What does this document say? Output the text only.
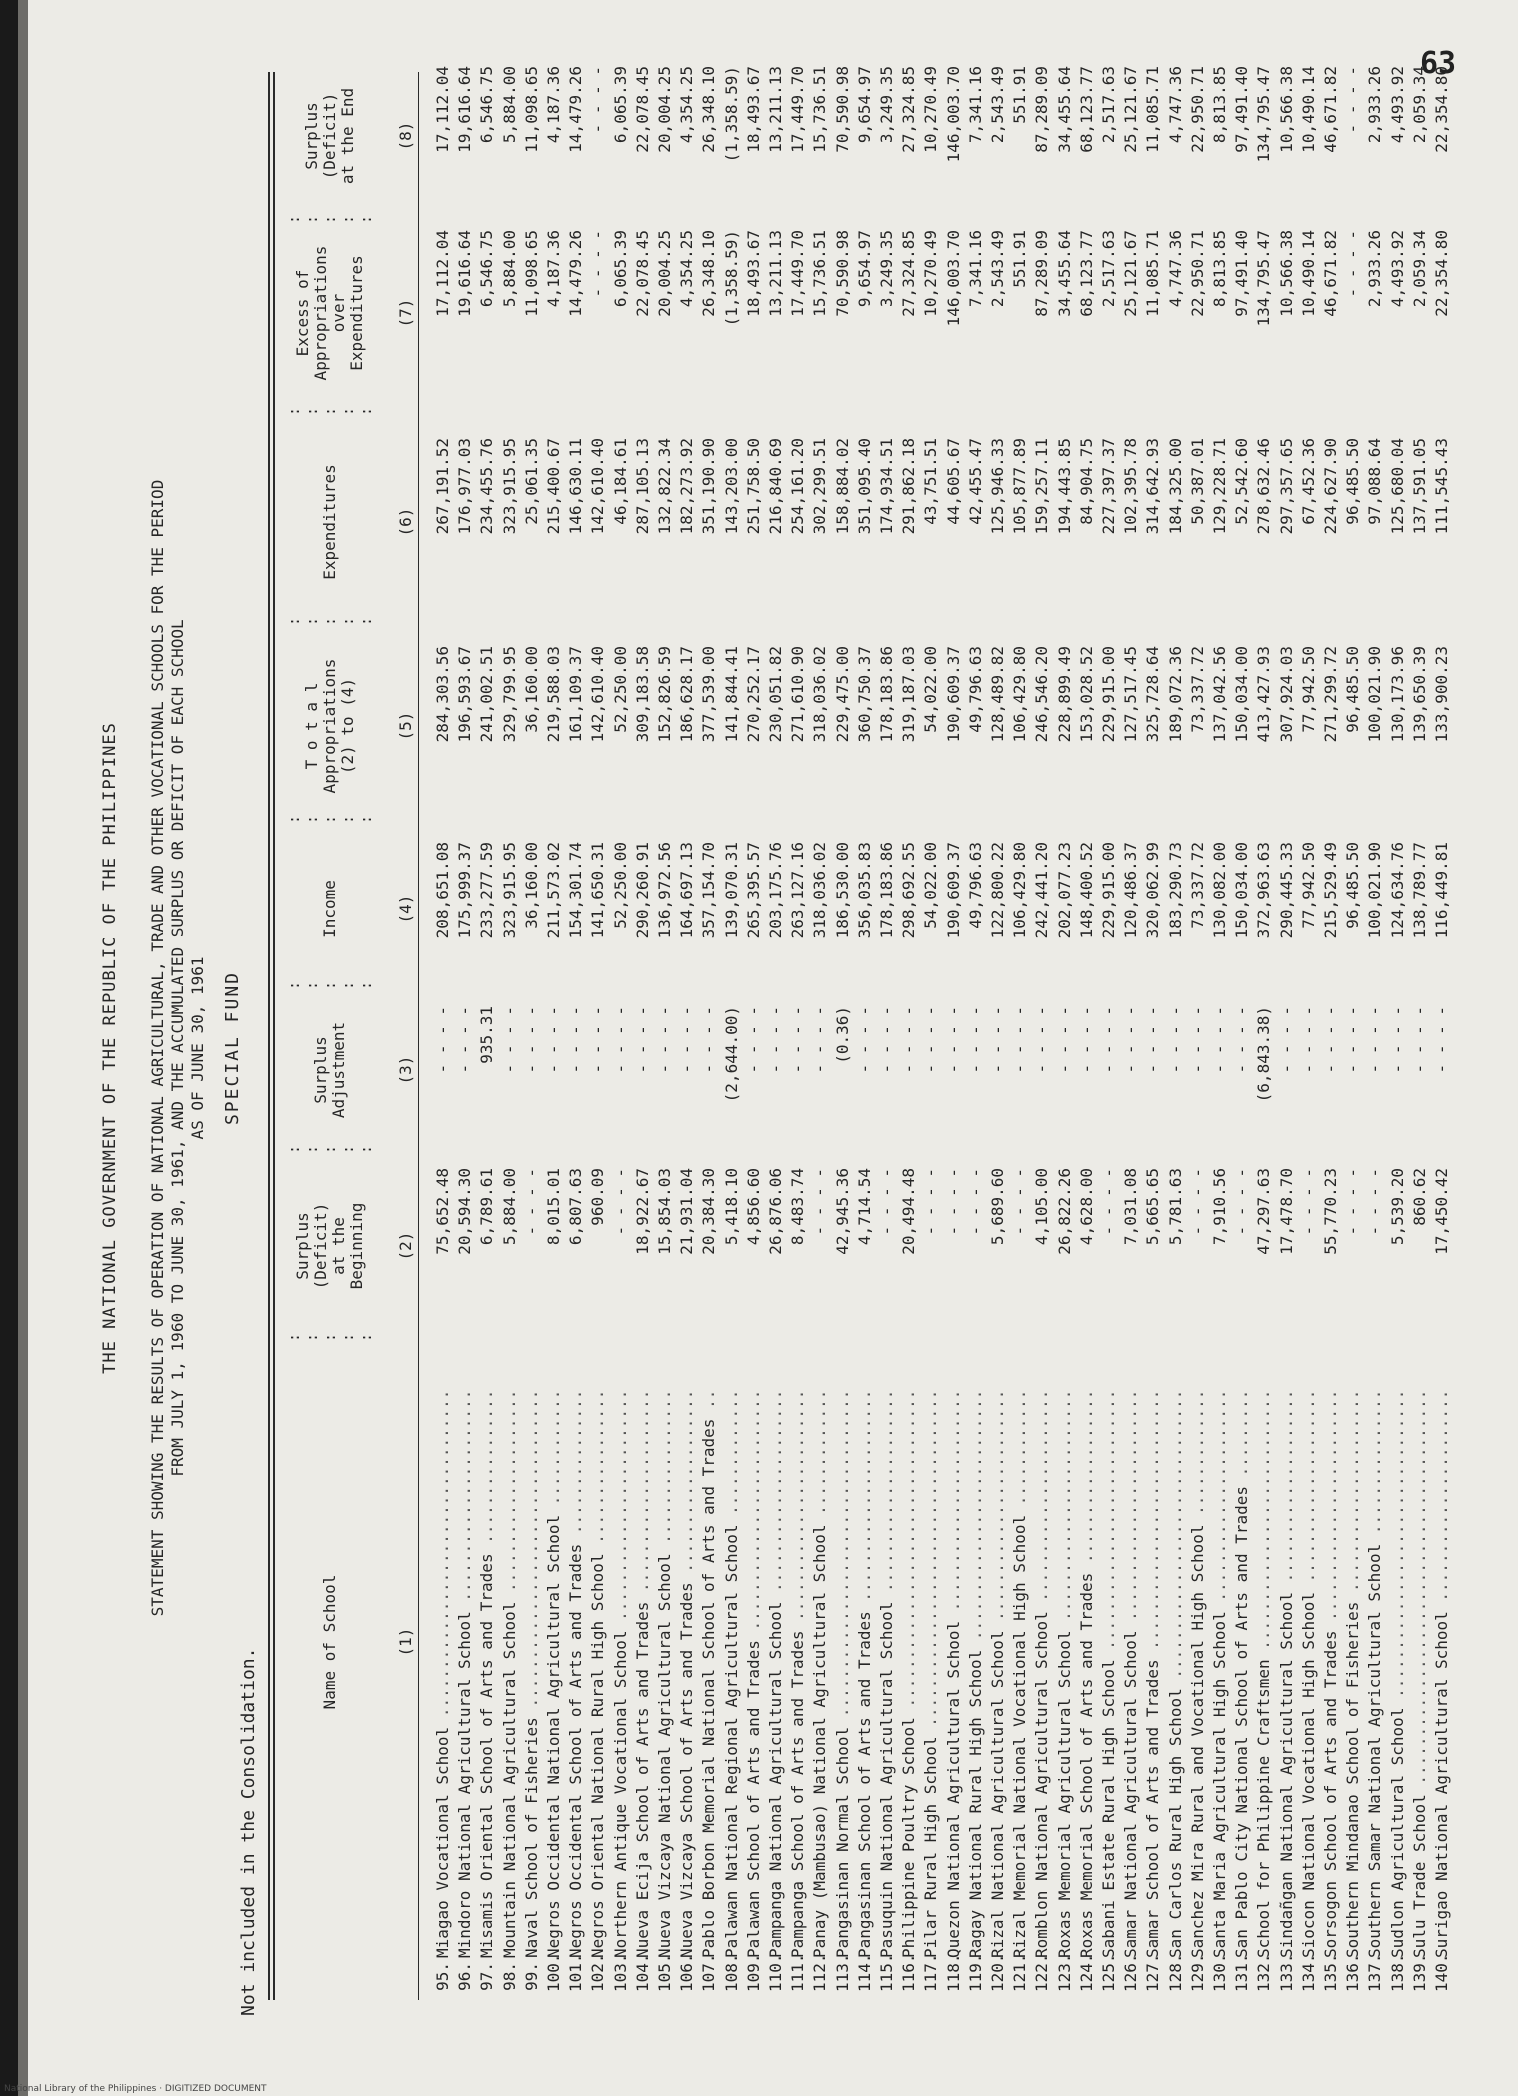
63
National Library of the Philippines · DIGITIZED DOCUMENT
THE NATIONAL GOVERNMENT OF THE REPUBLIC OF THE PHILIPPINES STATEMENT SHOWING THE RESULTS OF OPERATION OF NATIONAL AGRICULTURAL, TRADE AND OTHER VOCATIONAL SCHOOLS FOR THE PERIOD FROM JULY 1, 1960 TO JUNE 30, 1961, AND THE ACCUMULATED SURPLUS OR DEFICIT OF EACH SCHOOL AS OF JUNE 30, 1961 SPECIAL FUND
Not included in the Consolidation.
Name of School	(1)
Surplus (Deficit) at the Beginning (2)
Surplus Adjustment	(3)
Income	(4)
T o t a l Appropriations (2) to (4) (5)
Expenditures	(6)
Excess of Appropriations over Expenditures (7)
Surplus (Deficit) at the End (8)
: : : : :
: : : : :
: : : : :
: : : : :
: : : : :
: : : : :
: : : : :
95.
Miagao Vocational School ..................................
75,652.48
- - - -
208,651.08
284,303.56
267,191.52
17,112.04
17,112.04
96.
Mindoro National Agricultural School ......................
20,594.30
- - - -
175,999.37
196,593.67
176,977.03
19,616.64
19,616.64
97.
Misamis Oriental School of Arts and Trades ................
6,789.61
935.31
233,277.59
241,002.51
234,455.76
6,546.75
6,546.75
98.
Mountain National Agricultural School .....................
5,884.00
- - - -
323,915.95
329,799.95
323,915.95
5,884.00
5,884.00
99.
Naval School of Fisheries .................................
- - - -
- - - -
36,160.00
36,160.00
25,061.35
11,098.65
11,098.65
100.
Negros Occidental National Agricultural School ............
8,015.01
- - - -
211,573.02
219,588.03
215,400.67
4,187.36
4,187.36
101.
Negros Occidental School of Arts and Trades ...............
6,807.63
- - - -
154,301.74
161,109.37
146,630.11
14,479.26
14,479.26
102.
Negros Oriental National Rural High School ................
960.09
- - - -
141,650.31
142,610.40
142,610.40
- - - -
- - - -
103.
Northern Antique Vocational School ........................
- - - -
- - - -
52,250.00
52,250.00
46,184.61
6,065.39
6,065.39
104.
Nueva Ecija School of Arts and Trades .....................
18,922.67
- - - -
290,260.91
309,183.58
287,105.13
22,078.45
22,078.45
105.
Nueva Vizcaya National Agricultural School ................
15,854.03
- - - -
136,972.56
152,826.59
132,822.34
20,004.25
20,004.25
106.
Nueva Vizcaya School of Arts and Trades ...................
21,931.04
- - - -
164,697.13
186,628.17
182,273.92
4,354.25
4,354.25
107.
Pablo Borbon Memorial National School of Arts and Trades ..
20,384.30
- - - -
357,154.70
377,539.00
351,190.90
26,348.10
26,348.10
108.
Palawan National Regional Agricultural School .............
5,418.10
(2,644.00)
139,070.31
141,844.41
143,203.00
(1,358.59)
(1,358.59)
109.
Palawan School of Arts and Trades .........................
4,856.60
- - - -
265,395.57
270,252.17
251,758.50
18,493.67
18,493.67
110.
Pampanga National Agricultural School .....................
26,876.06
- - - -
203,175.76
230,051.82
216,840.69
13,211.13
13,211.13
111.
Pampanga School of Arts and Trades ........................
8,483.74
- - - -
263,127.16
271,610.90
254,161.20
17,449.70
17,449.70
112.
Panay (Mambusao) National Agricultural School .............
- - - -
- - - -
318,036.02
318,036.02
302,299.51
15,736.51
15,736.51
113.
Pangasinan Normal School ..................................
42,945.36
(0.36)
186,530.00
229,475.00
158,884.02
70,590.98
70,590.98
114.
Pangasinan School of Arts and Trades ......................
4,714.54
- - - -
356,035.83
360,750.37
351,095.40
9,654.97
9,654.97
115.
Pasuquin National Agricultural School .....................
- - - -
- - - -
178,183.86
178,183.86
174,934.51
3,249.35
3,249.35
116.
Philippine Poultry School .................................
20,494.48
- - - -
298,692.55
319,187.03
291,862.18
27,324.85
27,324.85
117.
Pilar Rural High School ...................................
- - - -
- - - -
54,022.00
54,022.00
43,751.51
10,270.49
10,270.49
118.
Quezon National Agricultural School .......................
- - - -
- - - -
190,609.37
190,609.37
44,605.67
146,003.70
146,003.70
119.
Ragay National Rural High School ..........................
- - - -
- - - -
49,796.63
49,796.63
42,455.47
7,341.16
7,341.16
120.
Rizal National Agricultural School ........................
5,689.60
- - - -
122,800.22
128,489.82
125,946.33
2,543.49
2,543.49
121.
Rizal Memorial National Vocational High School ............
- - - -
- - - -
106,429.80
106,429.80
105,877.89
551.91
551.91
122.
Romblon National Agricultural School ......................
4,105.00
- - - -
242,441.20
246,546.20
159,257.11
87,289.09
87,289.09
123.
Roxas Memorial Agricultural School ........................
26,822.26
- - - -
202,077.23
228,899.49
194,443.85
34,455.64
34,455.64
124.
Roxas Memorial School of Arts and Trades ..................
4,628.00
- - - -
148,400.52
153,028.52
84,904.75
68,123.77
68,123.77
125.
Sabani Estate Rural High School ...........................
- - - -
- - - -
229,915.00
229,915.00
227,397.37
2,517.63
2,517.63
126.
Samar National Agricultural School ........................
7,031.08
- - - -
120,486.37
127,517.45
102,395.78
25,121.67
25,121.67
127.
Samar School of Arts and Trades ...........................
5,665.65
- - - -
320,062.99
325,728.64
314,642.93
11,085.71
11,085.71
128.
San Carlos Rural High School ..............................
5,781.63
- - - -
183,290.73
189,072.36
184,325.00
4,747.36
4,747.36
129.
Sanchez Mira Rural and Vocational High School .............
- - - -
- - - -
73,337.72
73,337.72
50,387.01
22,950.71
22,950.71
130.
Santa Maria Agricultural High School ......................
7,910.56
- - - -
130,082.00
137,042.56
129,228.71
8,813.85
8,813.85
131.
San Pablo City National School of Arts and Trades .........
- - - -
- - - -
150,034.00
150,034.00
52,542.60
97,491.40
97,491.40
132.
School for Philippine Craftsmen ...........................
47,297.63
(6,843.38)
372,963.63
413,427.93
278,632.46
134,795.47
134,795.47
133.
Sindañgan National Agricultural School ....................
17,478.70
- - - -
290,445.33
307,924.03
297,357.65
10,566.38
10,566.38
134.
Siocon National Vocational High School ....................
- - - -
- - - -
77,942.50
77,942.50
67,452.36
10,490.14
10,490.14
135.
Sorsogon School of Arts and Trades ........................
55,770.23
- - - -
215,529.49
271,299.72
224,627.90
46,671.82
46,671.82
136.
Southern Mindanao School of Fisheries .....................
- - - -
- - - -
96,485.50
96,485.50
96,485.50
- - - -
- - - -
137.
Southern Samar National Agricultural School ...............
- - - -
- - - -
100,021.90
100,021.90
97,088.64
2,933.26
2,933.26
138.
Sudlon Agricultural School ................................
5,539.20
- - - -
124,634.76
130,173.96
125,680.04
4,493.92
4,493.92
139.
Sulu Trade School .........................................
860.62
- - - -
138,789.77
139,650.39
137,591.05
2,059.34
2,059.34
140.
Surigao National Agricultural School ......................
17,450.42
- - - -
116,449.81
133,900.23
111,545.43
22,354.80
22,354.80
